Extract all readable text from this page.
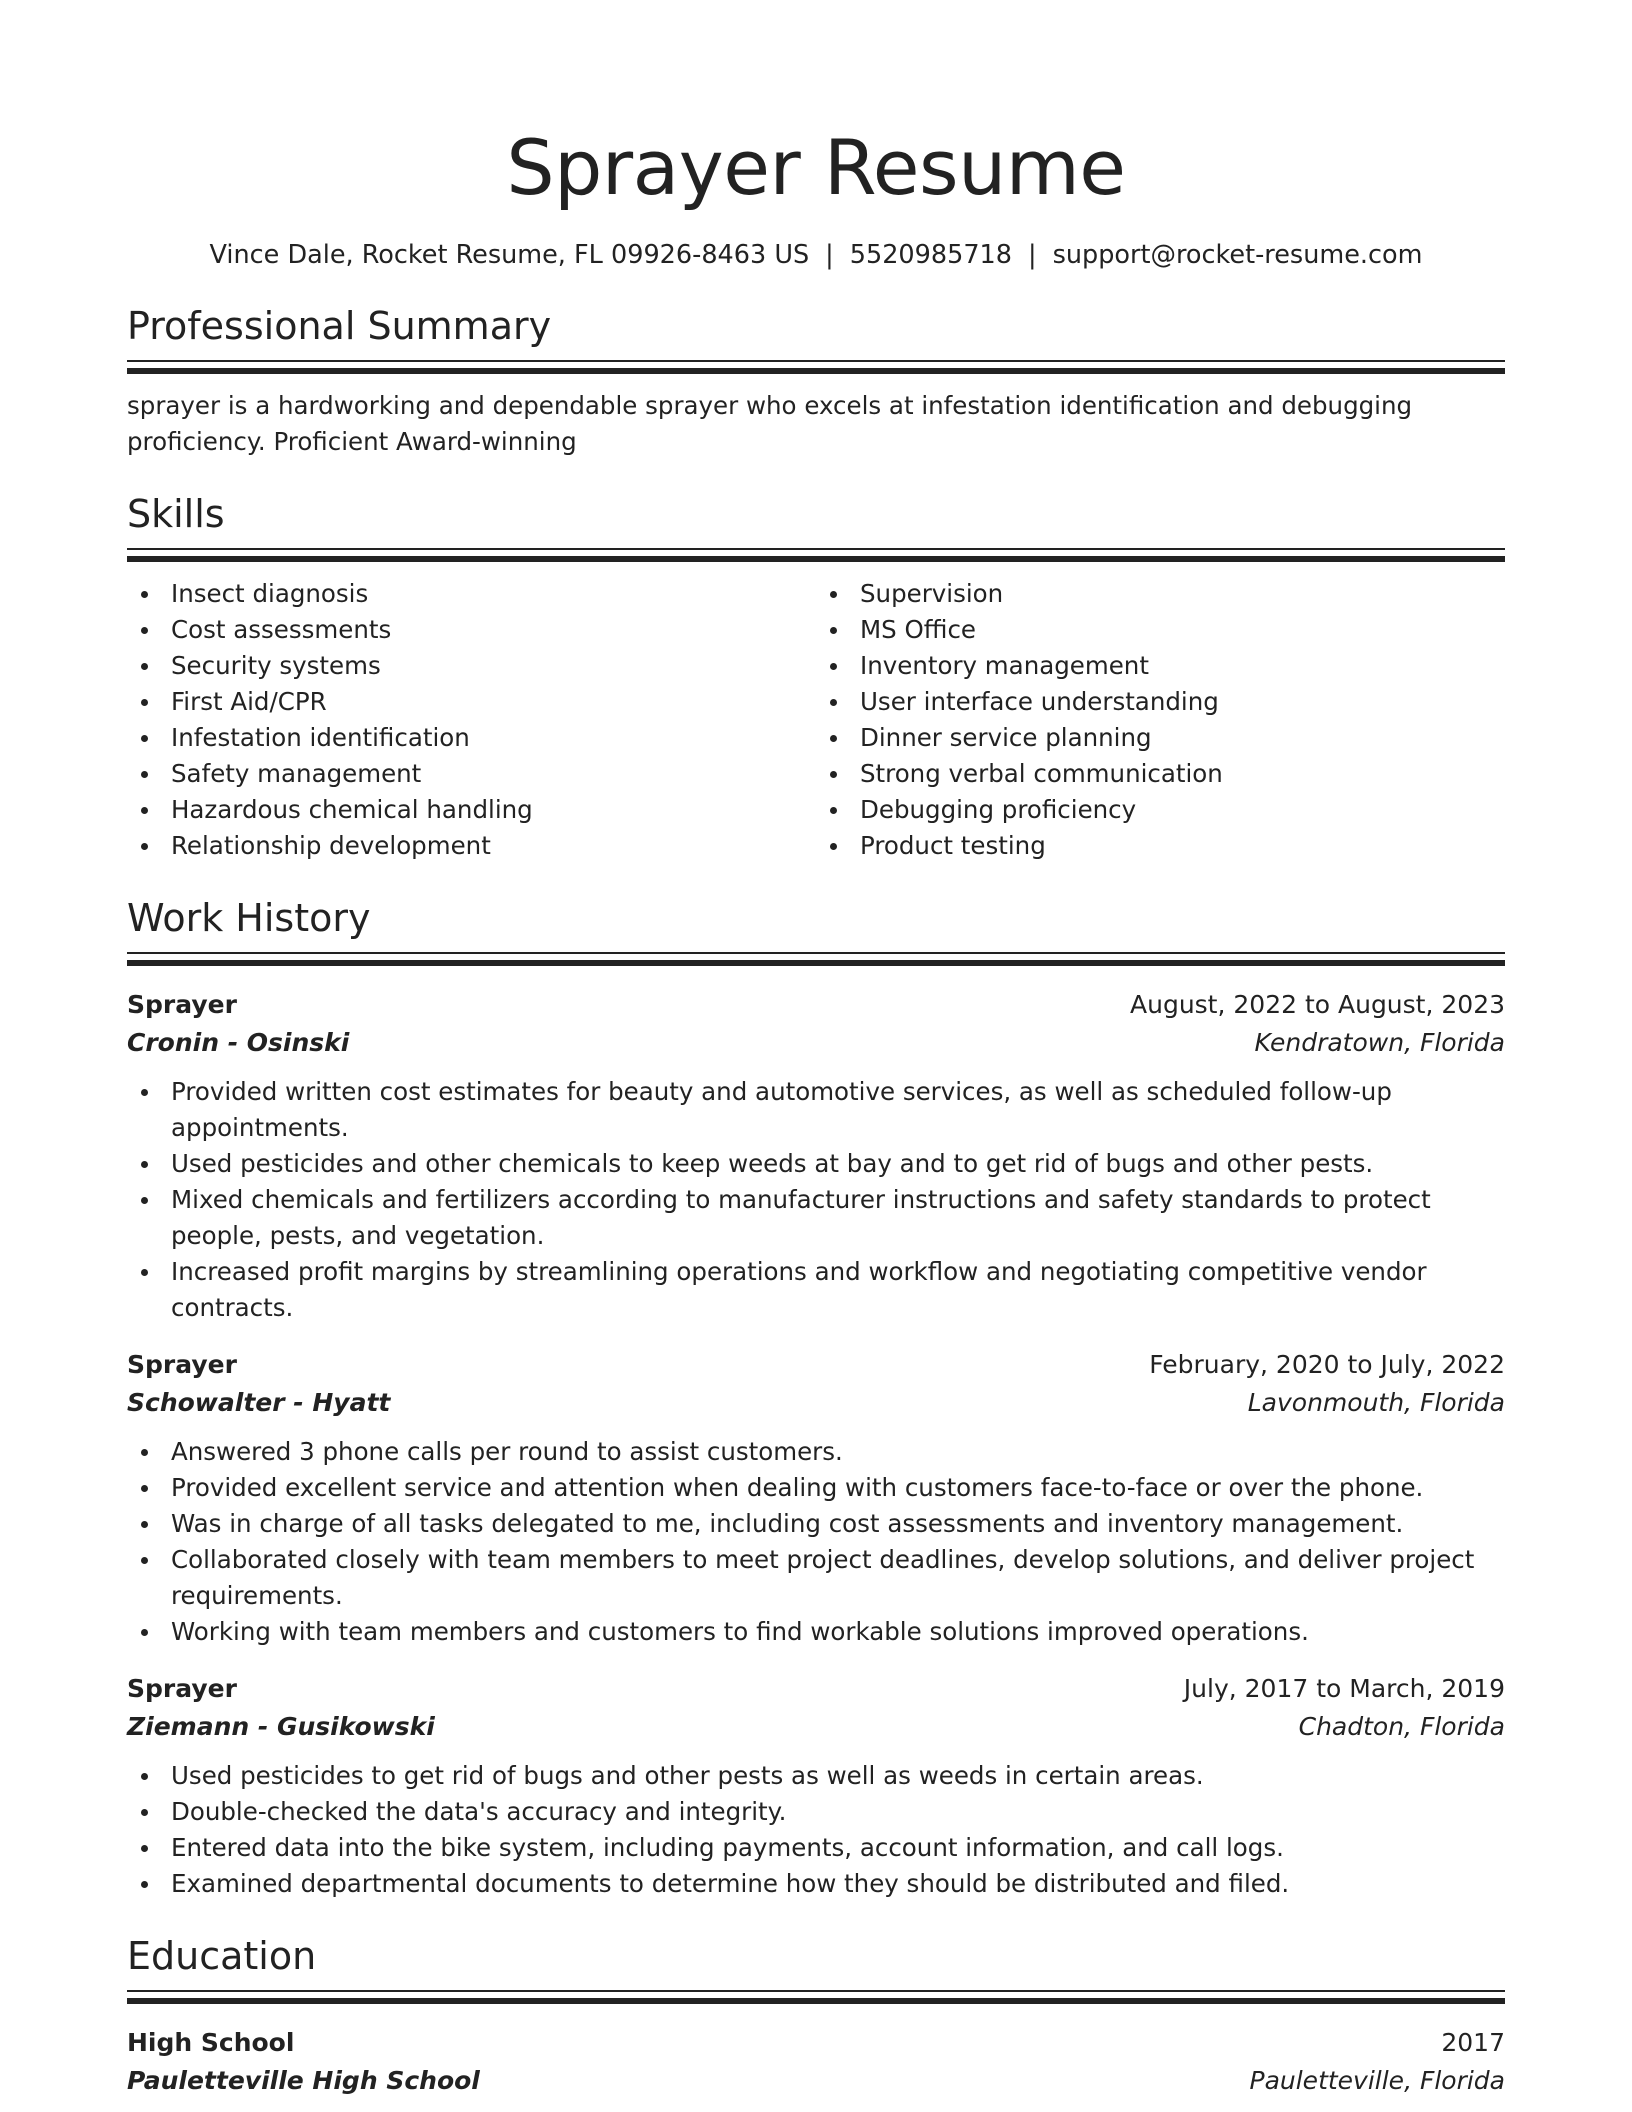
Sprayer Resume
Vince Dale, Rocket Resume, FL 09926-8463 US | 5520985718 | support@rocket-resume.com
Professional Summary

sprayer is a hardworking and dependable sprayer who excels at infestation identification and debugging proficiency. Proficient Award-winning

Skills
Insect diagnosis
Cost assessments
Security systems
First Aid/CPR
Infestation identification
Safety management
Hazardous chemical handling
Relationship development
Supervision
MS Office
Inventory management
User interface understanding
Dinner service planning
Strong verbal communication
Debugging proficiency
Product testing
Work History
Sprayer	August, 2022 to August, 2023
Cronin - Osinski	Kendratown, Florida
Provided written cost estimates for beauty and automotive services, as well as scheduled follow-up appointments.
Used pesticides and other chemicals to keep weeds at bay and to get rid of bugs and other pests.
Mixed chemicals and fertilizers according to manufacturer instructions and safety standards to protect people, pests, and vegetation.
Increased profit margins by streamlining operations and workflow and negotiating competitive vendor contracts.
Sprayer	February, 2020 to July, 2022
Schowalter - Hyatt	Lavonmouth, Florida
Answered 3 phone calls per round to assist customers.
Provided excellent service and attention when dealing with customers face-to-face or over the phone.
Was in charge of all tasks delegated to me, including cost assessments and inventory management.
Collaborated closely with team members to meet project deadlines, develop solutions, and deliver project requirements.
Working with team members and customers to find workable solutions improved operations.
Sprayer	July, 2017 to March, 2019
Ziemann - Gusikowski	Chadton, Florida
Used pesticides to get rid of bugs and other pests as well as weeds in certain areas.
Double-checked the data's accuracy and integrity.
Entered data into the bike system, including payments, account information, and call logs.
Examined departmental documents to determine how they should be distributed and filed.
Education
High School	2017
Pauletteville High School	Pauletteville, Florida
